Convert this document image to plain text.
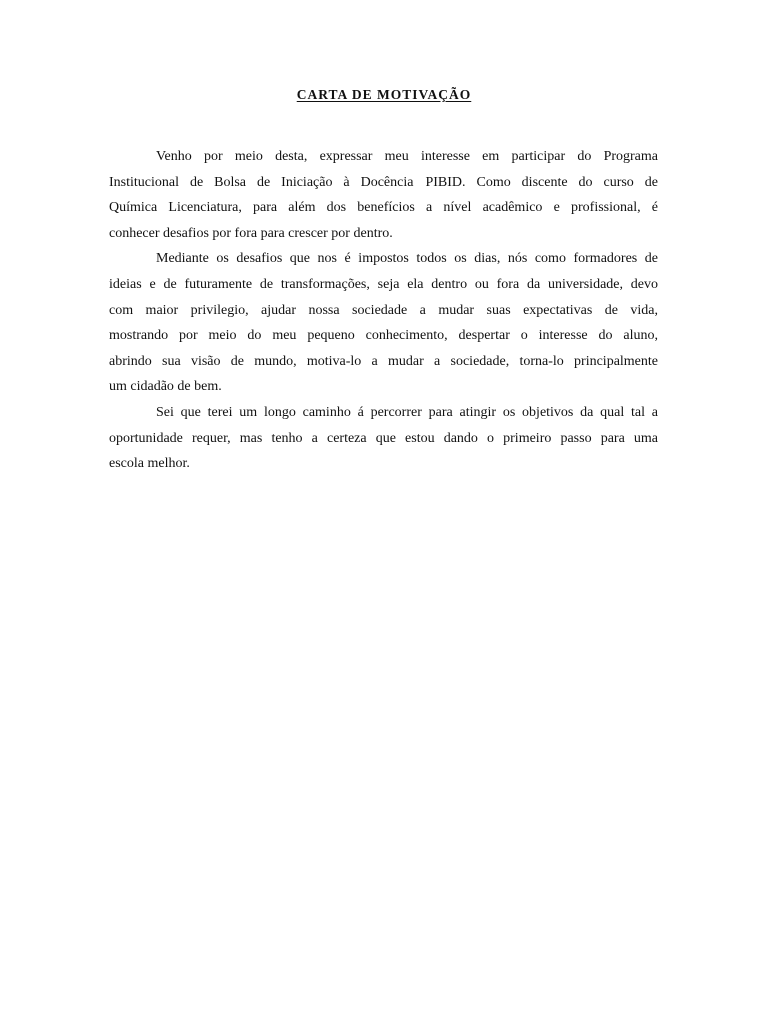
CARTA DE MOTIVAÇÃO
Venho por meio desta, expressar meu interesse em participar do Programa
Institucional de Bolsa de Iniciação à Docência PIBID. Como discente do curso de
Química Licenciatura, para além dos benefícios a nível acadêmico e profissional, é
conhecer desafios por fora para crescer por dentro.
Mediante os desafios que nos é impostos todos os dias, nós como formadores de
ideias e de futuramente de transformações, seja ela dentro ou fora da universidade, devo
com maior privilegio, ajudar nossa sociedade a mudar suas expectativas de vida,
mostrando por meio do meu pequeno conhecimento, despertar o interesse do aluno,
abrindo sua visão de mundo, motiva-lo a mudar a sociedade, torna-lo principalmente
um cidadão de bem.
Sei que terei um longo caminho á percorrer para atingir os objetivos da qual tal a
oportunidade requer, mas tenho a certeza que estou dando o primeiro passo para uma
escola melhor.
